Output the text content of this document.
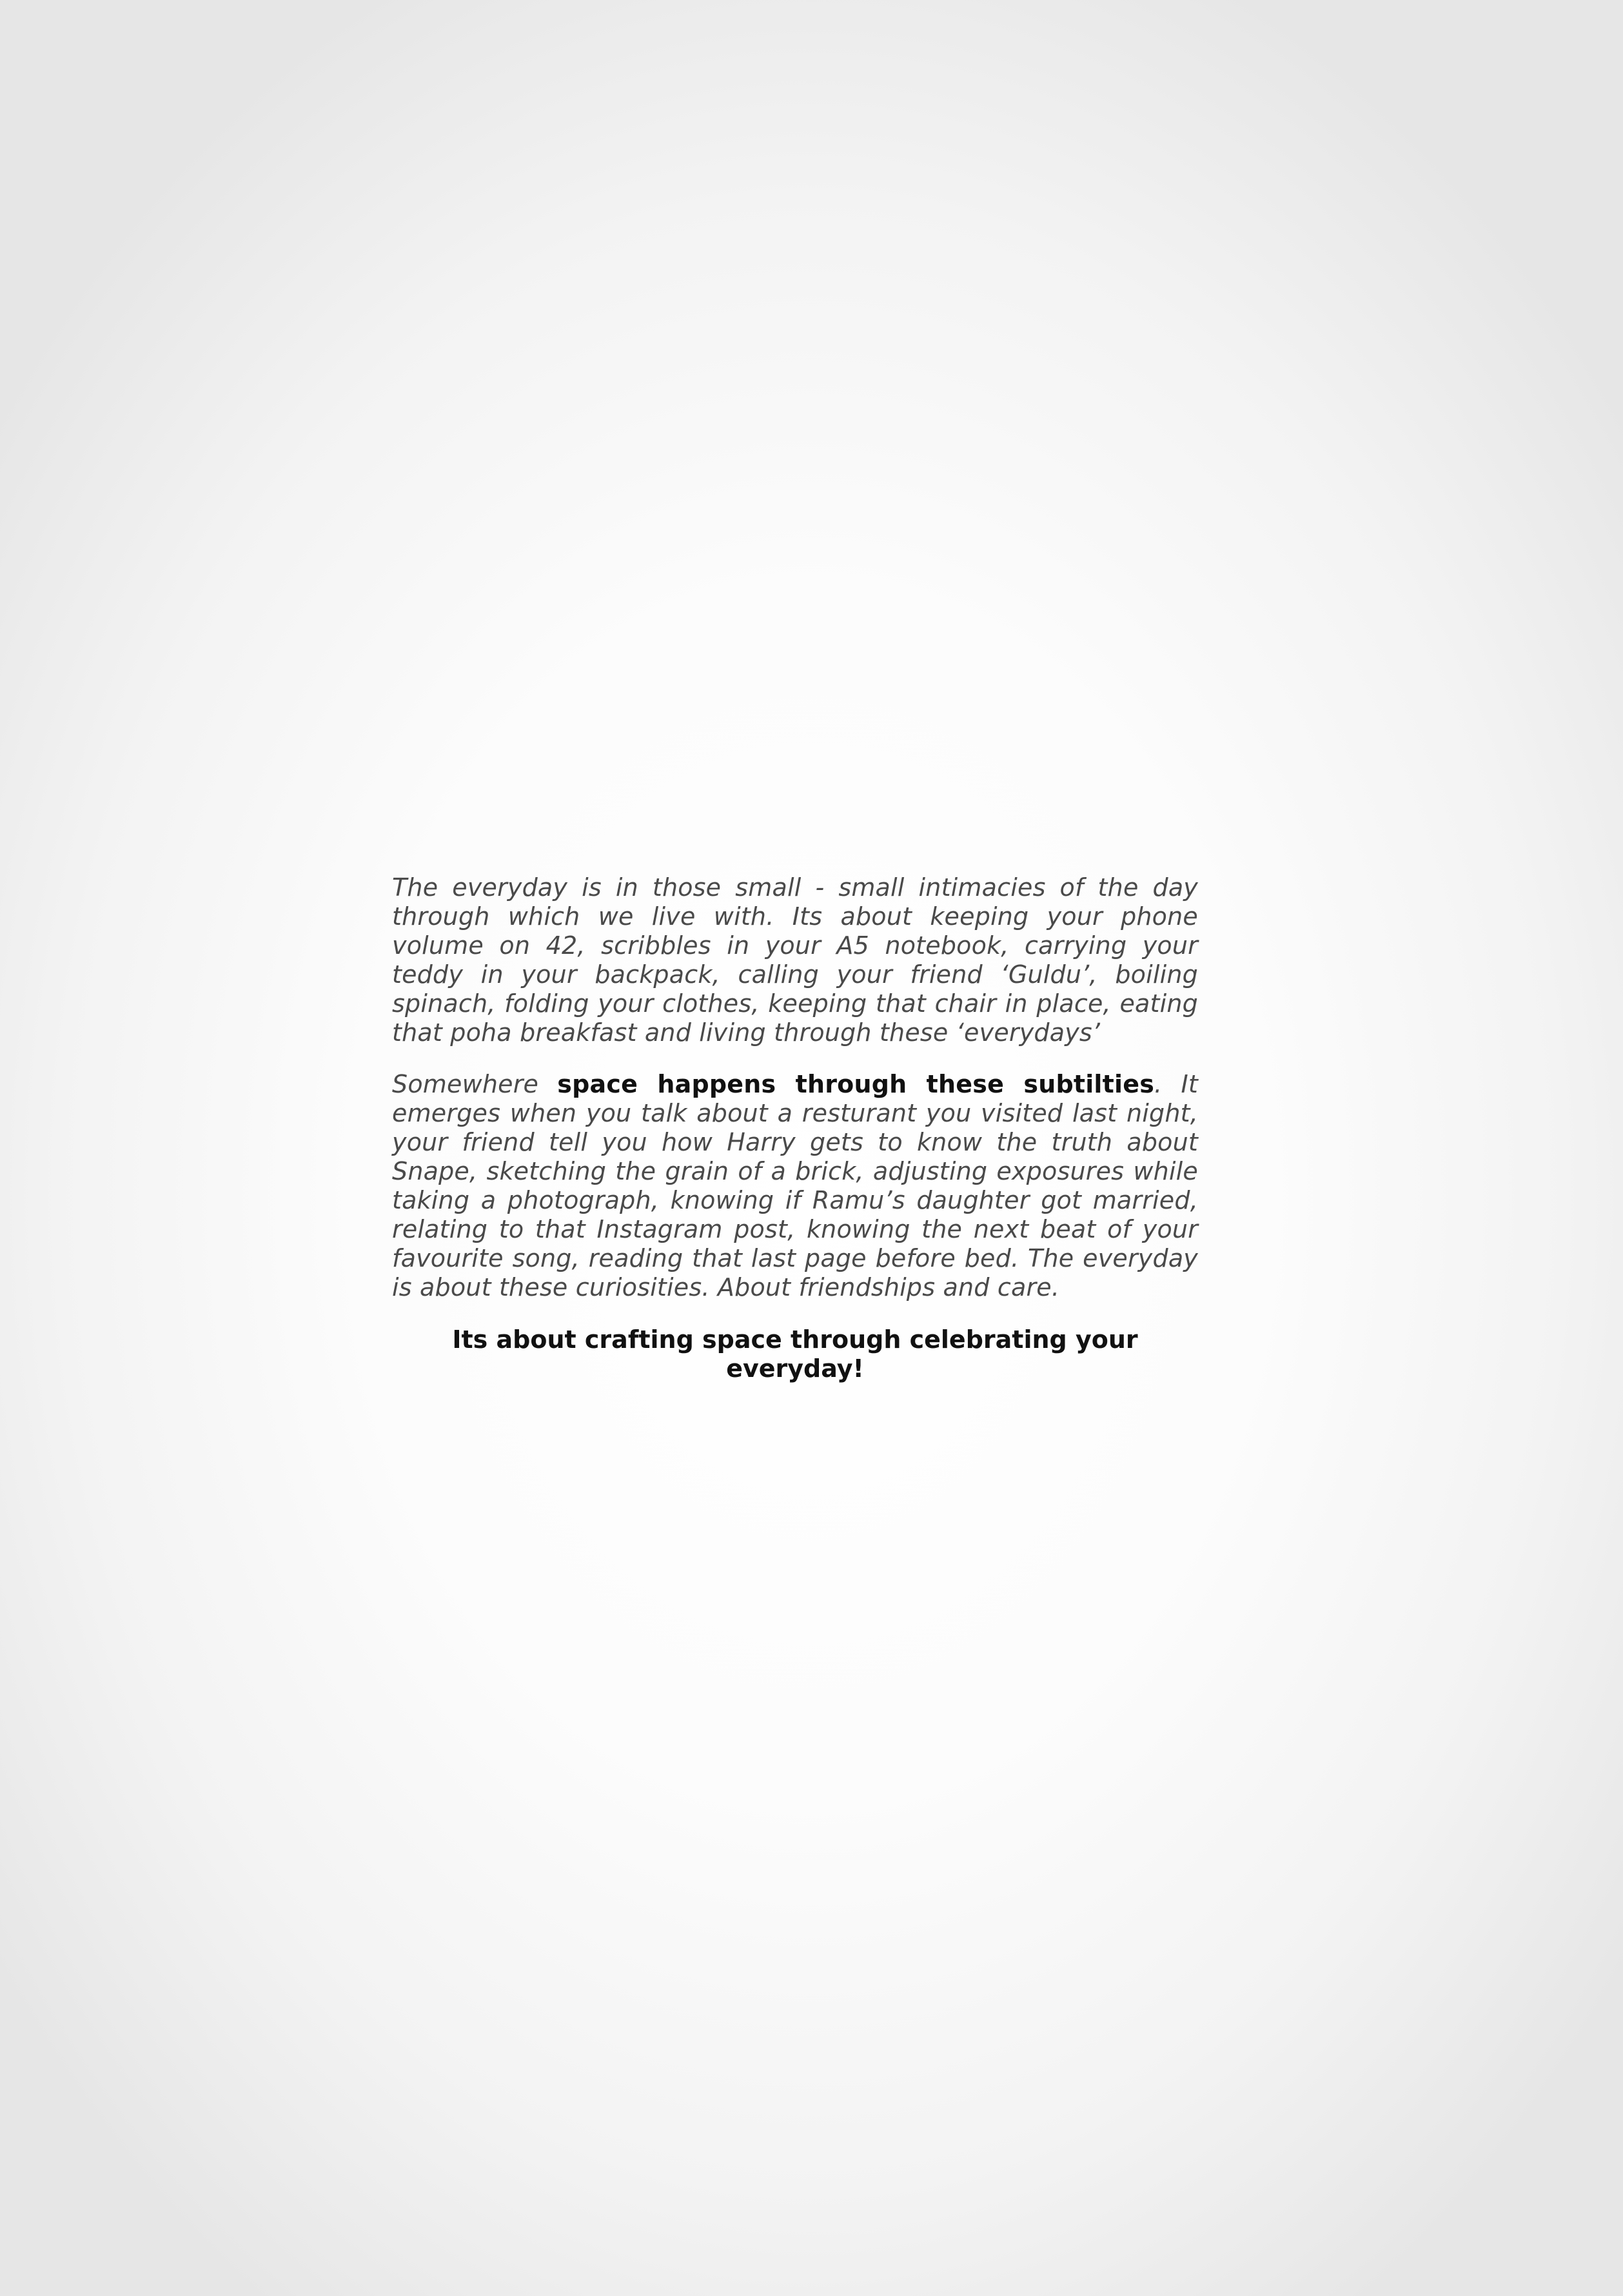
The everyday is in those small - small intimacies of the day through which we live with. Its about keeping your phone volume on 42, scribbles in your A5 notebook, carrying your teddy in your backpack, calling your friend ‘Guldu’, boiling spinach, folding your clothes, keeping that chair in place, eating that poha breakfast and living through these ‘everydays’

Somewhere space happens through these subtilties. It emerges when you talk about a resturant you visited last night, your friend tell you how Harry gets to know the truth about Snape, sketching the grain of a brick, adjusting exposures while taking a photograph, knowing if Ramu’s daughter got married, relating to that Instagram post, knowing the next beat of your favourite song, reading that last page before bed. The everyday is about these curiosities. About friendships and care.

Its about crafting space through celebrating your everyday!
